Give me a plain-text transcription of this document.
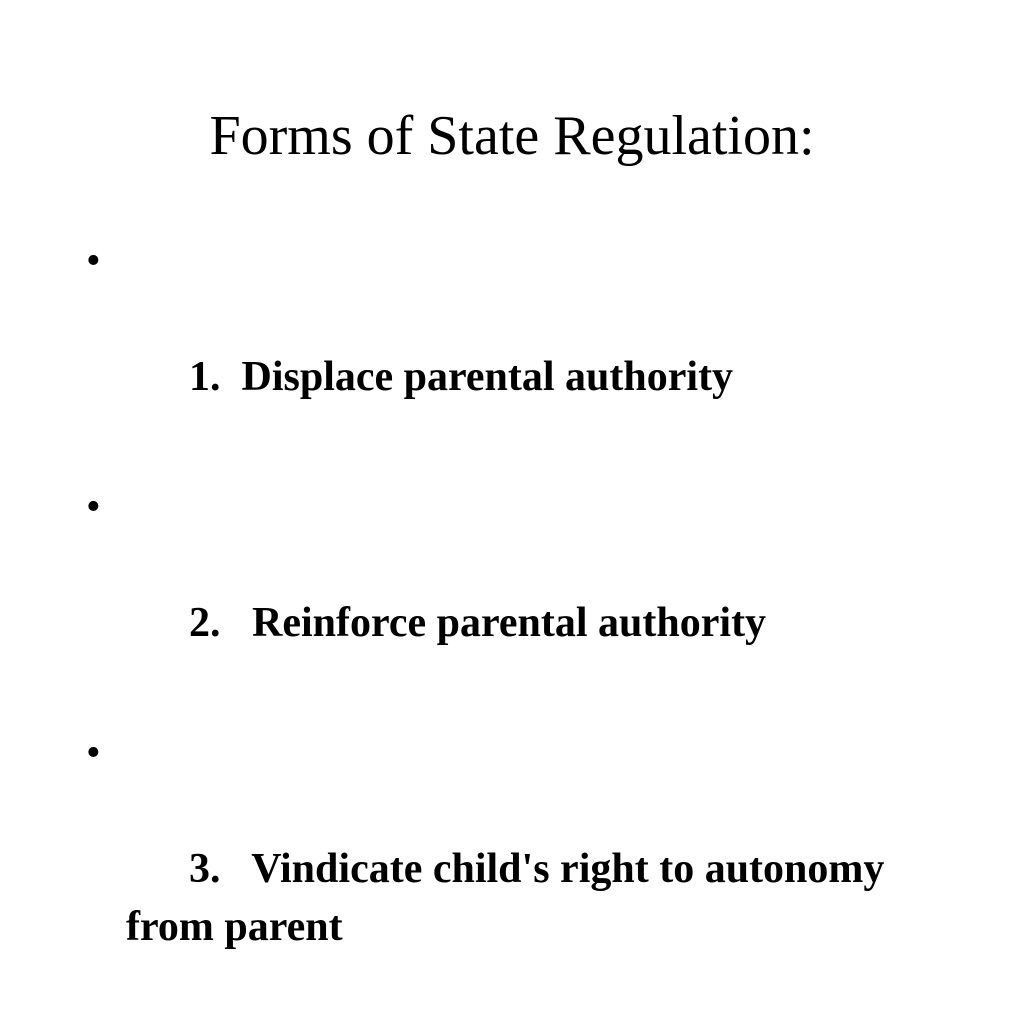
Forms of State Regulation:

•

1.  Displace parental authority

•

2.   Reinforce parental authority

•

3.   Vindicate child's right to autonomy from parent
